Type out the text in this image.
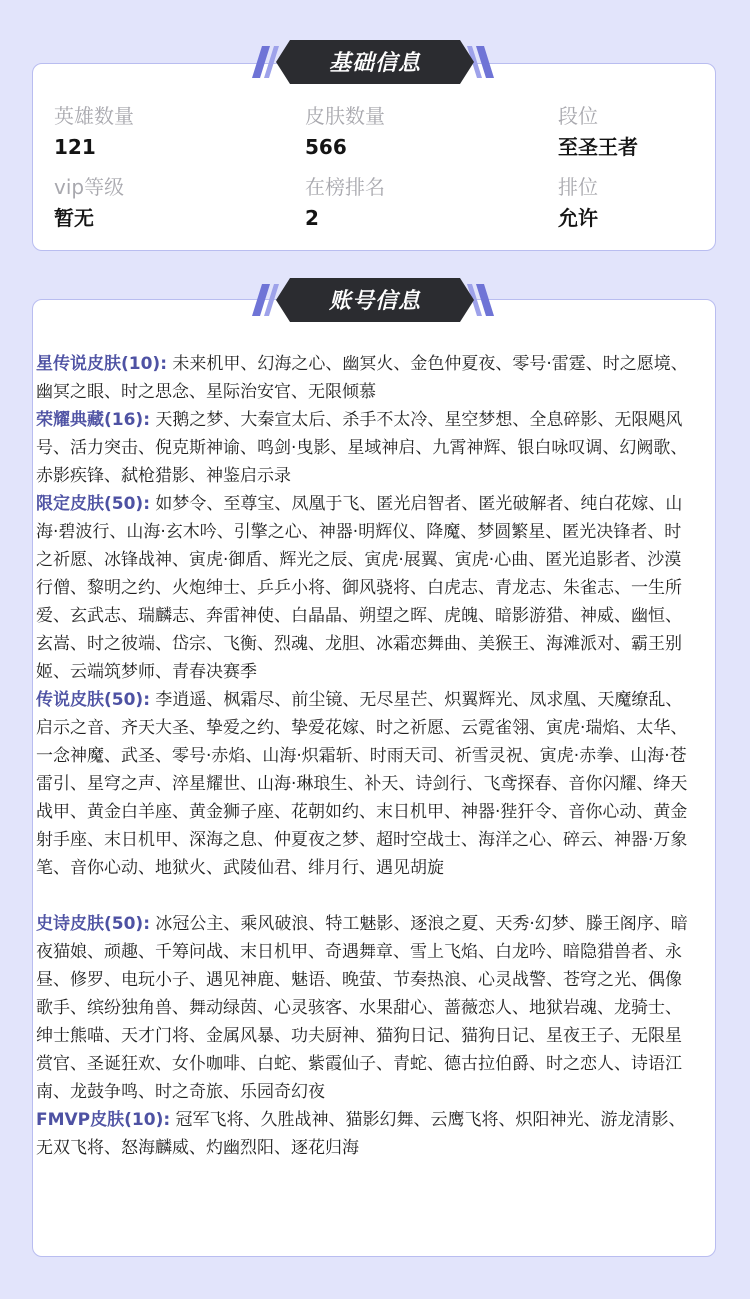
基础信息
英雄数量
121
皮肤数量
566
段位
至圣王者
vip等级
暂无
在榜排名
2
排位
允许
账号信息

星传说皮肤(10): 未来机甲、幻海之心、幽冥火、金色仲夏夜、零号·雷霆、时之愿境、幽冥之眼、时之思念、星际治安官、无限倾慕

荣耀典藏(16): 天鹅之梦、大秦宣太后、杀手不太冷、星空梦想、全息碎影、无限飓风号、活力突击、倪克斯神谕、鸣剑·曳影、星域神启、九霄神辉、银白咏叹调、幻阙歌、赤影疾锋、弑枪猎影、神鉴启示录

限定皮肤(50): 如梦令、至尊宝、凤凰于飞、匿光启智者、匿光破解者、纯白花嫁、山海·碧波行、山海·玄木吟、引擎之心、神器·明辉仪、降魔、梦圆繁星、匿光决锋者、时之祈愿、冰锋战神、寅虎·御盾、辉光之辰、寅虎·展翼、寅虎·心曲、匿光追影者、沙漠行僧、黎明之约、火炮绅士、乒乒小将、御风骁将、白虎志、青龙志、朱雀志、一生所爱、玄武志、瑞麟志、奔雷神使、白晶晶、朔望之晖、虎魄、暗影游猎、神威、幽恒、玄嵩、时之彼端、岱宗、飞衡、烈魂、龙胆、冰霜恋舞曲、美猴王、海滩派对、霸王别姬、云端筑梦师、青春决赛季

传说皮肤(50): 李逍遥、枫霜尽、前尘镜、无尽星芒、炽翼辉光、凤求凰、天魔缭乱、启示之音、齐天大圣、挚爱之约、挚爱花嫁、时之祈愿、云霓雀翎、寅虎·瑞焰、太华、一念神魔、武圣、零号·赤焰、山海·炽霜斩、时雨天司、祈雪灵祝、寅虎·赤拳、山海·苍雷引、星穹之声、淬星耀世、山海·琳琅生、补天、诗剑行、飞鸢探春、音你闪耀、绛天战甲、黄金白羊座、黄金狮子座、花朝如约、末日机甲、神器·狴犴令、音你心动、黄金射手座、末日机甲、深海之息、仲夏夜之梦、超时空战士、海洋之心、碎云、神器·万象笔、音你心动、地狱火、武陵仙君、绯月行、遇见胡旋

史诗皮肤(50): 冰冠公主、乘风破浪、特工魅影、逐浪之夏、天秀·幻梦、滕王阁序、暗夜猫娘、顽趣、千筹问战、末日机甲、奇遇舞章、雪上飞焰、白龙吟、暗隐猎兽者、永昼、修罗、电玩小子、遇见神鹿、魅语、晚萤、节奏热浪、心灵战警、苍穹之光、偶像歌手、缤纷独角兽、舞动绿茵、心灵骇客、水果甜心、蔷薇恋人、地狱岩魂、龙骑士、绅士熊喵、天才门将、金属风暴、功夫厨神、猫狗日记、猫狗日记、星夜王子、无限星赏官、圣诞狂欢、女仆咖啡、白蛇、紫霞仙子、青蛇、德古拉伯爵、时之恋人、诗语江南、龙鼓争鸣、时之奇旅、乐园奇幻夜

FMVP皮肤(10): 冠军飞将、久胜战神、猫影幻舞、云鹰飞将、炽阳神光、游龙清影、无双飞将、怒海麟威、灼幽烈阳、逐花归海
